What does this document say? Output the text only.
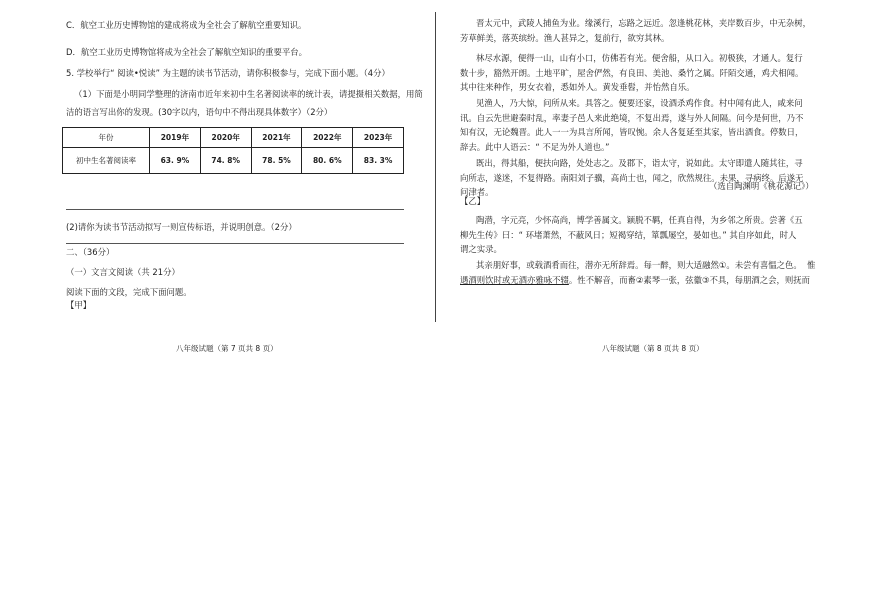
C．航空工业历史博物馆的建成将成为全社会了解航空重要知识。
D．航空工业历史博物馆将成为全社会了解航空知识的重要平台。
5. 学校举行“ 阅读•悦读” 为主题的读书节活动，请你积极参与，完成下面小题。（4分）
（1）下面是小明同学整理的济南市近年来初中生名著阅读率的统计表，请提摄相关数据，用简
洁的语言写出你的发现。(30字以内，语句中不得出现具体数字）（2分）
年份	2019年	2020年	2021年	2022年	2023年
初中生名著阅读率	63. 9%	74. 8%	78. 5%	80. 6%	83. 3%
(2)请你为读书节活动拟写一则宣传标语，并说明创意。（2分）
二、（36分）
（一）文言文阅读（共 21分）
阅读下面的文段，完成下面问题。
【甲】
八年级试题（第 7 页共 8 页）
晋太元中，武陵人捕鱼为业。缘溪行，忘路之远近。忽逢桃花林，夹岸数百步，中无杂树，
芳草鲜美，落英缤纷。渔人甚异之，复前行，欲穷其林。
林尽水源，便得一山，山有小口，仿佛若有光。便舍船，从口入。初极狭，才通人。复行
数十步，豁然开朗。土地平旷，屋舍俨然，有良田、美池、桑竹之属。阡陌交通，鸡犬相闻。
其中往来种作，男女衣着，悉如外人。黄发垂髫，并怡然自乐。
见渔人，乃大惊，问所从来。具答之。便要还家，设酒杀鸡作食。村中闻有此人，咸来问
讯。自云先世避秦时乱，率妻子邑人来此绝境，不复出焉，遂与外人间隔。问今是何世，乃不
知有汉，无论魏晋。此人一一为具言所闻，皆叹惋。余人各复延至其家，皆出酒食。停数日，
辞去。此中人语云：“ 不足为外人道也。”
既出，得其船，便扶向路，处处志之。及郡下，诣太守，说如此。太守即遣人随其往，寻
向所志，遂迷，不复得路。南阳刘子骥，高尚士也，闻之，欣然规往。未果，寻病终。后遂无
问津者。
（选自陶渊明《桃花源记》）
【乙】
陶潜，字元亮，少怀高尚，博学善属文。颖脱不羁，任真自得，为乡邻之所贵。尝著《五
柳先生传》曰：“ 环堵萧然，不蔽风日；短褐穿结，箪瓢屡空，晏如也。” 其自序如此，时人
谓之实录。
其亲朋好事，或载酒肴而往，潜亦无所辞焉。每一醉，则大适融然①。未尝有喜愠之色。 惟
遇酒则饮时或无酒亦雅咏不辍。性不解音，而畜②素琴一张，弦徽③不具，每朋酒之会，则抚而
八年级试题（第 8 页共 8 页）
